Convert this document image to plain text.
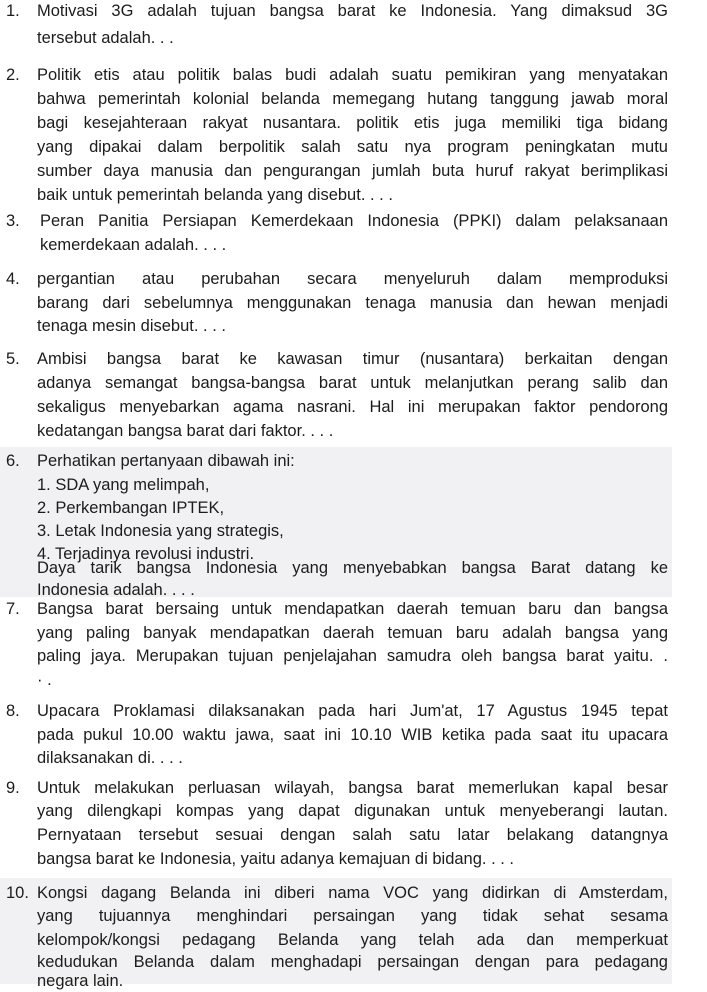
1. Motivasi 3G adalah tujuan bangsa barat ke Indonesia. Yang dimaksud 3G
tersebut adalah. . .
2. Politik etis atau politik balas budi adalah suatu pemikiran yang menyatakan
bahwa pemerintah kolonial belanda memegang hutang tanggung jawab moral
bagi kesejahteraan rakyat nusantara. politik etis juga memiliki tiga bidang
yang dipakai dalam berpolitik salah satu nya program peningkatan mutu
sumber daya manusia dan pengurangan jumlah buta huruf rakyat berimplikasi
baik untuk pemerintah belanda yang disebut. . . .
3. Peran Panitia Persiapan Kemerdekaan Indonesia (PPKI) dalam pelaksanaan
kemerdekaan adalah. . . .
4. pergantian atau perubahan secara menyeluruh dalam memproduksi
barang dari sebelumnya menggunakan tenaga manusia dan hewan menjadi
tenaga mesin disebut. . . .
5. Ambisi bangsa barat ke kawasan timur (nusantara) berkaitan dengan
adanya semangat bangsa-bangsa barat untuk melanjutkan perang salib dan
sekaligus menyebarkan agama nasrani. Hal ini merupakan faktor pendorong
kedatangan bangsa barat dari faktor. . . .
6. Perhatikan pertanyaan dibawah ini:
1. SDA yang melimpah,
2. Perkembangan IPTEK,
3. Letak Indonesia yang strategis,
4. Terjadinya revolusi industri.
Daya tarik bangsa Indonesia yang menyebabkan bangsa Barat datang ke
Indonesia adalah. . . .
7. Bangsa barat bersaing untuk mendapatkan daerah temuan baru dan bangsa
yang paling banyak mendapatkan daerah temuan baru adalah bangsa yang
paling jaya. Merupakan tujuan penjelajahan samudra oleh bangsa barat yaitu. .
· .
8. Upacara Proklamasi dilaksanakan pada hari Jum'at, 17 Agustus 1945 tepat
pada pukul 10.00 waktu jawa, saat ini 10.10 WIB ketika pada saat itu upacara
dilaksanakan di. . . .
9. Untuk melakukan perluasan wilayah, bangsa barat memerlukan kapal besar
yang dilengkapi kompas yang dapat digunakan untuk menyeberangi lautan.
Pernyataan tersebut sesuai dengan salah satu latar belakang datangnya
bangsa barat ke Indonesia, yaitu adanya kemajuan di bidang. . . .
10. Kongsi dagang Belanda ini diberi nama VOC yang didirkan di Amsterdam,
yang tujuannya menghindari persaingan yang tidak sehat sesama
kelompok/kongsi pedagang Belanda yang telah ada dan memperkuat
kedudukan Belanda dalam menghadapi persaingan dengan para pedagang
negara lain.
